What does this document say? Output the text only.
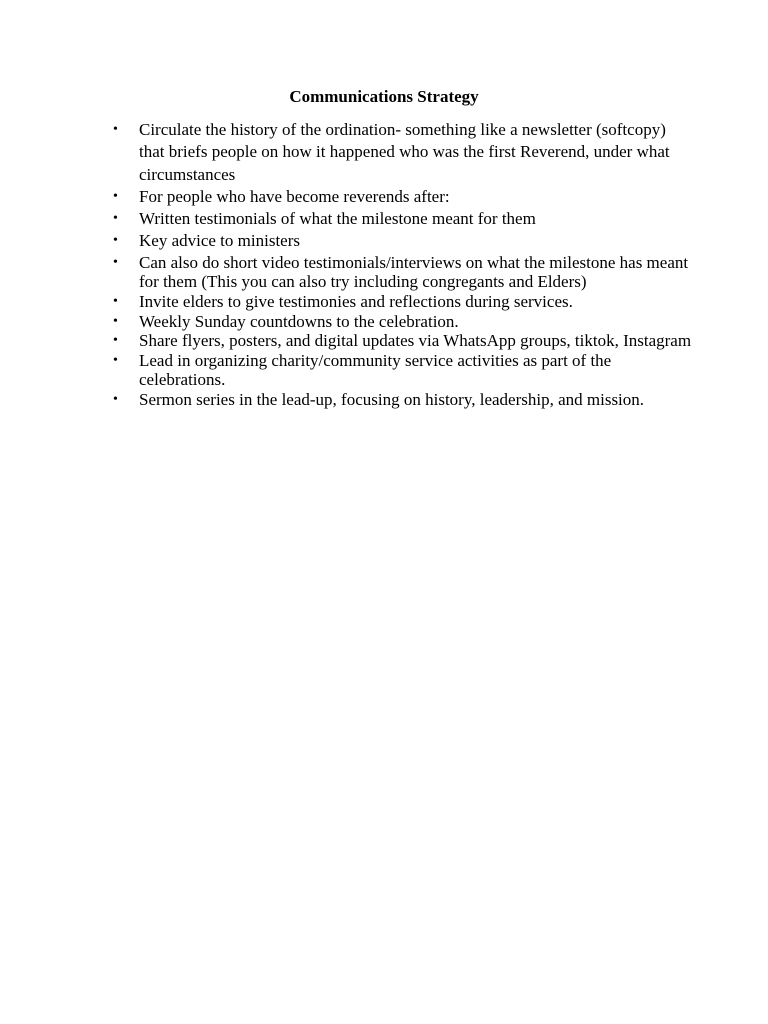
Communications Strategy
•	Circulate the history of the ordination- something like a newsletter (softcopy) that briefs people on how it happened who was the first Reverend, under what circumstances
•	For people who have become reverends after:
•	Written testimonials of what the milestone meant for them
•	Key advice to ministers
•	Can also do short video testimonials/interviews on what the milestone has meant for them (This you can also try including congregants and Elders)
•	Invite elders to give testimonies and reflections during services.
•	Weekly Sunday countdowns to the celebration.
•	Share flyers, posters, and digital updates via WhatsApp groups, tiktok, Instagram
•	Lead in organizing charity/community service activities as part of the celebrations.
•	Sermon series in the lead-up, focusing on history, leadership, and mission.
